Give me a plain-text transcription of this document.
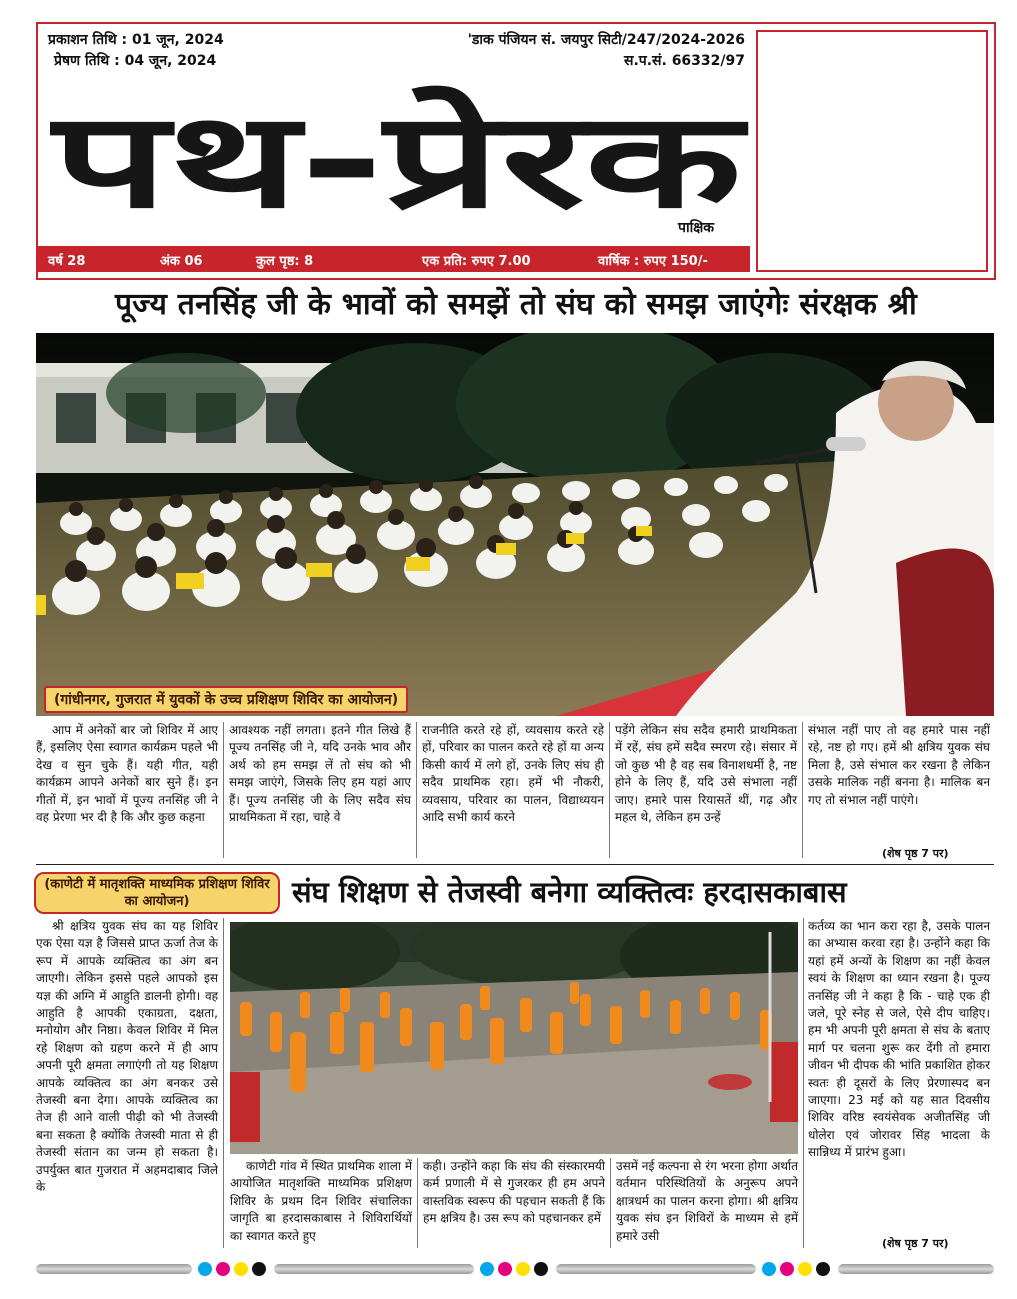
प्रकाशन तिथि : 01 जून, 2024
प्रेषण तिथि : 04 जून, 2024
'डाक पंजियन सं. जयपुर सिटी/247/2024-2026
स.प.सं. 66332/97
पथ-प्रेरक
पाक्षिक
वर्ष 28	अंक 06	कुल पृष्ठ: 8	एक प्रति: रुपए 7.00	वार्षिक : रुपए 150/-
पूज्य तनसिंह जी के भावों को समझें तो संघ को समझ जाएंगेः संरक्षक श्री
(गांधीनगर, गुजरात में युवकों के उच्च प्रशिक्षण शिविर का आयोजन)
आप में अनेकों बार जो शिविर में आए हैं, इसलिए ऐसा स्वागत कार्यक्रम पहले भी देख व सुन चुके हैं। यही गीत, यही कार्यक्रम आपने अनेकों बार सुने हैं। इन गीतों में, इन भावों में पूज्य तनसिंह जी ने वह प्रेरणा भर दी है कि और कुछ कहना
आवश्यक नहीं लगता। इतने गीत लिखे हैं पूज्य तनसिंह जी ने, यदि उनके भाव और अर्थ को हम समझ लें तो संघ को भी समझ जाएंगे, जिसके लिए हम यहां आए हैं। पूज्य तनसिंह जी के लिए सदैव संघ प्राथमिकता में रहा, चाहे वे
राजनीति करते रहे हों, व्यवसाय करते रहे हों, परिवार का पालन करते रहे हों या अन्य किसी कार्य में लगे हों, उनके लिए संघ ही सदैव प्राथमिक रहा। हमें भी नौकरी, व्यवसाय, परिवार का पालन, विद्याध्ययन आदि सभी कार्य करने
पड़ेंगे लेकिन संघ सदैव हमारी प्राथमिकता में रहें, संघ हमें सदैव स्मरण रहे। संसार में जो कुछ भी है वह सब विनाशधर्मी है, नष्ट होने के लिए हैं, यदि उसे संभाला नहीं जाए। हमारे पास रियासतें थीं, गढ़ और महल थे, लेकिन हम उन्हें
संभाल नहीं पाए तो वह हमारे पास नहीं रहे, नष्ट हो गए। हमें श्री क्षत्रिय युवक संघ मिला है, उसे संभाल कर रखना है लेकिन उसके मालिक नहीं बनना है। मालिक बन गए तो संभाल नहीं पाएंगे।
(शेष पृष्ठ 7 पर)
(काणेटी में मातृशक्ति माध्यमिक प्रशिक्षण शिविर का आयोजन)	संघ शिक्षण से तेजस्वी बनेगा व्यक्तित्वः हरदासकाबास
श्री क्षत्रिय युवक संघ का यह शिविर एक ऐसा यज्ञ है जिससे प्राप्त ऊर्जा तेज के रूप में आपके व्यक्तित्व का अंग बन जाएगी। लेकिन इससे पहले आपको इस यज्ञ की अग्नि में आहुति डालनी होगी। वह आहुति है आपकी एकाग्रता, दक्षता, मनोयोग और निष्ठा। केवल शिविर में मिल रहे शिक्षण को ग्रहण करने में ही आप अपनी पूरी क्षमता लगाएंगी तो यह शिक्षण आपके व्यक्तित्व का अंग बनकर उसे तेजस्वी बना देगा। आपके व्यक्तित्व का तेज ही आने वाली पीढ़ी को भी तेजस्वी बना सकता है क्योंकि तेजस्वी माता से ही तेजस्वी संतान का जन्म हो सकता है। उपर्युक्त बात गुजरात में अहमदाबाद जिले के
कर्तव्य का भान करा रहा है, उसके पालन का अभ्यास करवा रहा है। उन्होंने कहा कि यहां हमें अन्यों के शिक्षण का नहीं केवल स्वयं के शिक्षण का ध्यान रखना है। पूज्य तनसिंह जी ने कहा है कि - चाहे एक ही जले, पूरे स्नेह से जले, ऐसे दीप चाहिए। हम भी अपनी पूरी क्षमता से संघ के बताए मार्ग पर चलना शुरू कर देंगी तो हमारा जीवन भी दीपक की भांति प्रकाशित होकर स्वतः ही दूसरों के लिए प्रेरणास्पद बन जाएगा। 23 मई को यह सात दिवसीय शिविर वरिष्ठ स्वयंसेवक अजीतसिंह जी धोलेरा एवं जोरावर सिंह भादला के सान्निध्य में प्रारंभ हुआ।
काणेटी गांव में स्थित प्राथमिक शाला में आयोजित मातृशक्ति माध्यमिक प्रशिक्षण शिविर के प्रथम दिन शिविर संचालिका जागृति बा हरदासकाबास ने शिविरार्थियों का स्वागत करते हुए
कही। उन्होंने कहा कि संघ की संस्कारमयी कर्म प्रणाली में से गुजरकर ही हम अपने वास्तविक स्वरूप की पहचान सकती हैं कि हम क्षत्रिय है। उस रूप को पहचानकर हमें
उसमें नई कल्पना से रंग भरना होगा अर्थात वर्तमान परिस्थितियों के अनुरूप अपने क्षात्रधर्म का पालन करना होगा। श्री क्षत्रिय युवक संघ इन शिविरों के माध्यम से हमें हमारे उसी
(शेष पृष्ठ 7 पर)
